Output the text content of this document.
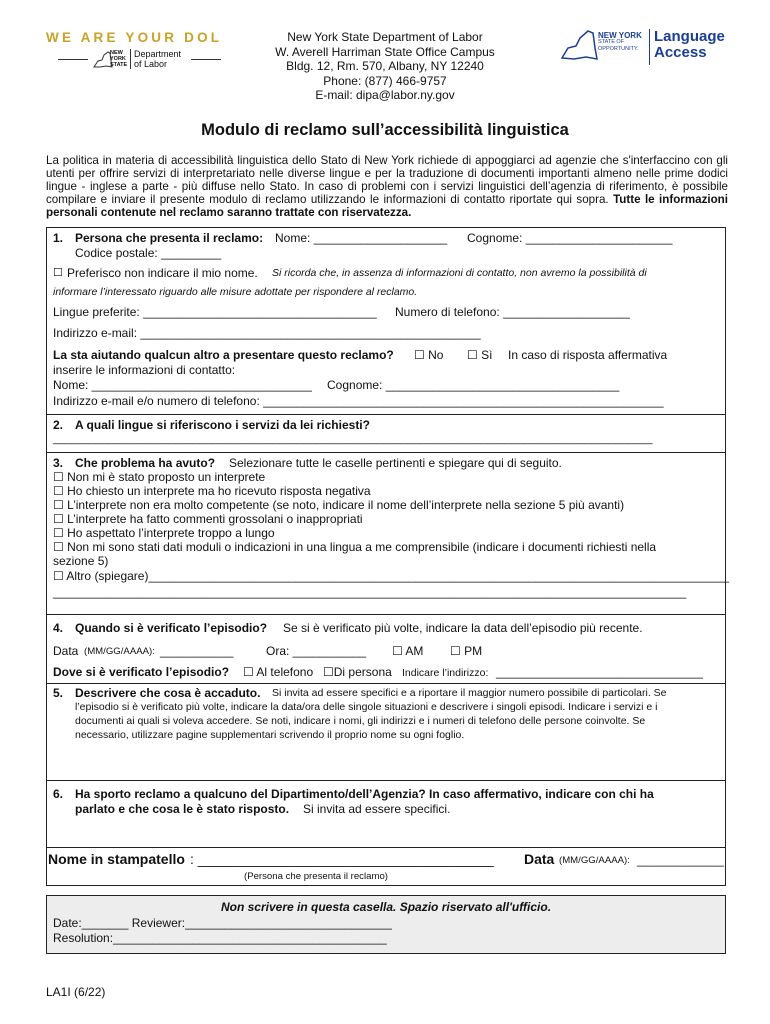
WE ARE YOUR DOL
NEW
YORK
STATE
Department
of Labor
New York State Department of Labor
W. Averell Harriman State Office Campus
Bldg. 12, Rm. 570, Albany, NY 12240
Phone: (877) 466-9757
E-mail: dipa@labor.ny.gov
NEW YORK
STATE OF
OPPORTUNITY.
Language
Access
Modulo di reclamo sull’accessibilità linguistica
La politica in materia di accessibilità linguistica dello Stato di New York richiede di appoggiarci ad agenzie che s'interfaccino con gli utenti per offrire servizi di interpretariato nelle diverse lingue e per la traduzione di documenti importanti almeno nelle prime dodici lingue - inglese a parte - più diffuse nello Stato. In caso di problemi con i servizi linguistici dell’agenzia di riferimento, è possibile compilare e inviare il presente modulo di reclamo utilizzando le informazioni di contatto riportate qui sopra. Tutte le informazioni personali contenute nel reclamo saranno trattate con riservatezza.
1. Persona che presenta il reclamo: Nome: ____________________ Cognome: ______________________
Codice postale: _________
☐ Preferisco non indicare il mio nome. Si ricorda che, in assenza di informazioni di contatto, non avremo la possibilità di
informare l’interessato riguardo alle misure adottate per rispondere al reclamo.
Lingue preferite: ___________________________________ Numero di telefono: ___________________
Indirizzo e-mail: ___________________________________________________
La sta aiutando qualcun altro a presentare questo reclamo? ☐ No ☐ Sì In caso di risposta affermativa
inserire le informazioni di contatto:
Nome: _________________________________ Cognome: ___________________________________
Indirizzo e-mail e/o numero di telefono: ____________________________________________________________
2. A quali lingue si riferiscono i servizi da lei richiesti?
__________________________________________________________________________________________________
3. Che problema ha avuto? Selezionare tutte le caselle pertinenti e spiegare qui di seguito.
☐ Non mi è stato proposto un interprete
☐ Ho chiesto un interprete ma ho ricevuto risposta negativa
☐ L’interprete non era molto competente (se noto, indicare il nome dell’interprete nella sezione 5 più avanti)
☐ L’interprete ha fatto commenti grossolani o inappropriati
☐ Ho aspettato l’interprete troppo a lungo
☐ Non mi sono stati dati moduli o indicazioni in una lingua a me comprensibile (indicare i documenti richiesti nella
sezione 5)
☐ Altro (spiegare)_______________________________________________________________________________________
___________________________________________________________________________________________________
4. Quando si è verificato l’episodio? Se si è verificato più volte, indicare la data dell’episodio più recente.
Data (MM/GG/AAAA): ___________	Ora: ___________ ☐ AM ☐ PM
Dove si è verificato l’episodio? ☐ Al telefono ☐Di persona Indicare l’indirizzo: _______________________________
5. Descrivere che cosa è accaduto. Si invita ad essere specifici e a riportare il maggior numero possibile di particolari. Se
l’episodio si è verificato più volte, indicare la data/ora delle singole situazioni e descrivere i singoli episodi. Indicare i servizi e i
documenti ai quali si voleva accedere. Se noti, indicare i nomi, gli indirizzi e i numeri di telefono delle persone coinvolte. Se
necessario, utilizzare pagine supplementari scrivendo il proprio nome su ogni foglio.
6. Ha sporto reclamo a qualcuno del Dipartimento/dell’Agenzia? In caso affermativo, indicare con chi ha
parlato e che cosa le è stato risposto. Si invita ad essere specifici.
Nome in stampatello : ______________________________________ Data (MM/GG/AAAA): _____________
(Persona che presenta il reclamo)
Non scrivere in questa casella. Spazio riservato all'ufficio.
Date:_______ Reviewer:_______________________________
Resolution:_________________________________________
LA1I (6/22)
